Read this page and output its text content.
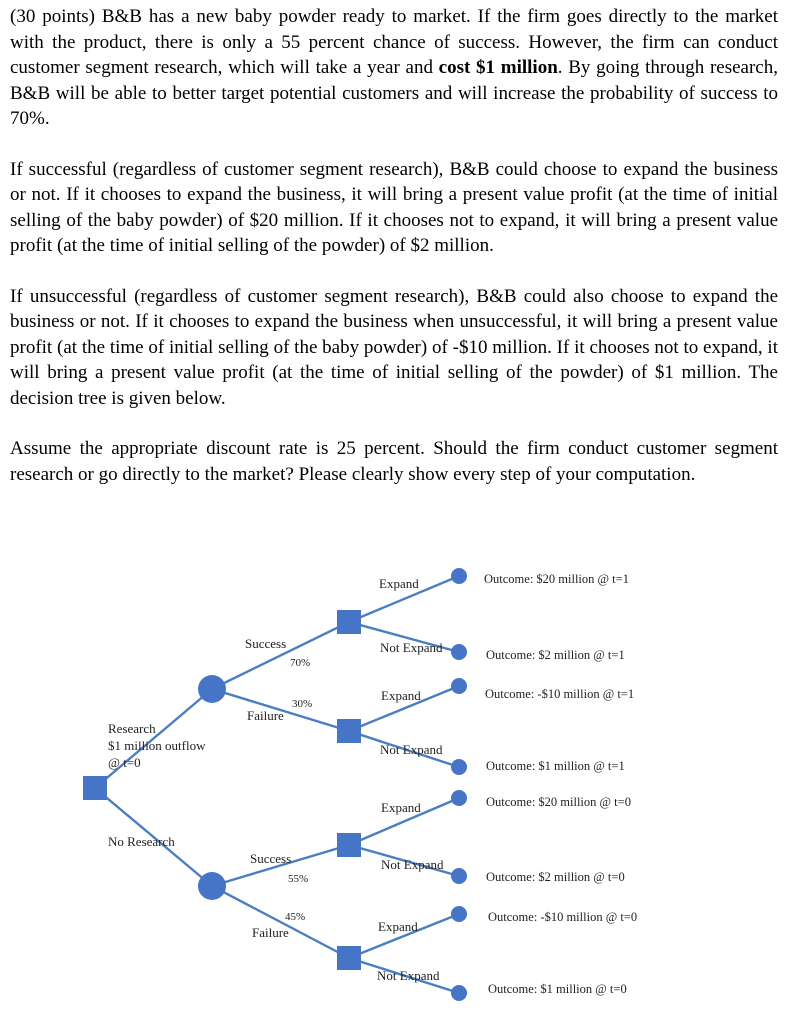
(30 points) B&B has a new baby powder ready to market. If the firm goes directly to the market with the product, there is only a 55 percent chance of success. However, the firm can conduct customer segment research, which will take a year and cost $1 million. By going through research, B&B will be able to better target potential customers and will increase the probability of success to 70%.

If successful (regardless of customer segment research), B&B could choose to expand the business or not. If it chooses to expand the business, it will bring a present value profit (at the time of initial selling of the baby powder) of $20 million. If it chooses not to expand, it will bring a present value profit (at the time of initial selling of the powder) of $2 million.

If unsuccessful (regardless of customer segment research), B&B could also choose to expand the business or not. If it chooses to expand the business when unsuccessful, it will bring a present value profit (at the time of initial selling of the baby powder) of -$10 million. If it chooses not to expand, it will bring a present value profit (at the time of initial selling of the powder) of $1 million. The decision tree is given below.

Assume the appropriate discount rate is 25 percent. Should the firm conduct customer segment research or go directly to the market? Please clearly show every step of your computation.

Research
$1 million outflow
@ t=0
No Research
Success
70%
30%
Failure
Success
55%
45%
Failure
Expand
Not Expand
Expand
Not Expand
Expand
Not Expand
Expand
Not Expand
Outcome: $20 million @ t=1
Outcome: $2 million @ t=1
Outcome: -$10 million @ t=1
Outcome: $1 million @ t=1
Outcome: $20 million @ t=0
Outcome: $2 million @ t=0
Outcome: -$10 million @ t=0
Outcome: $1 million @ t=0
